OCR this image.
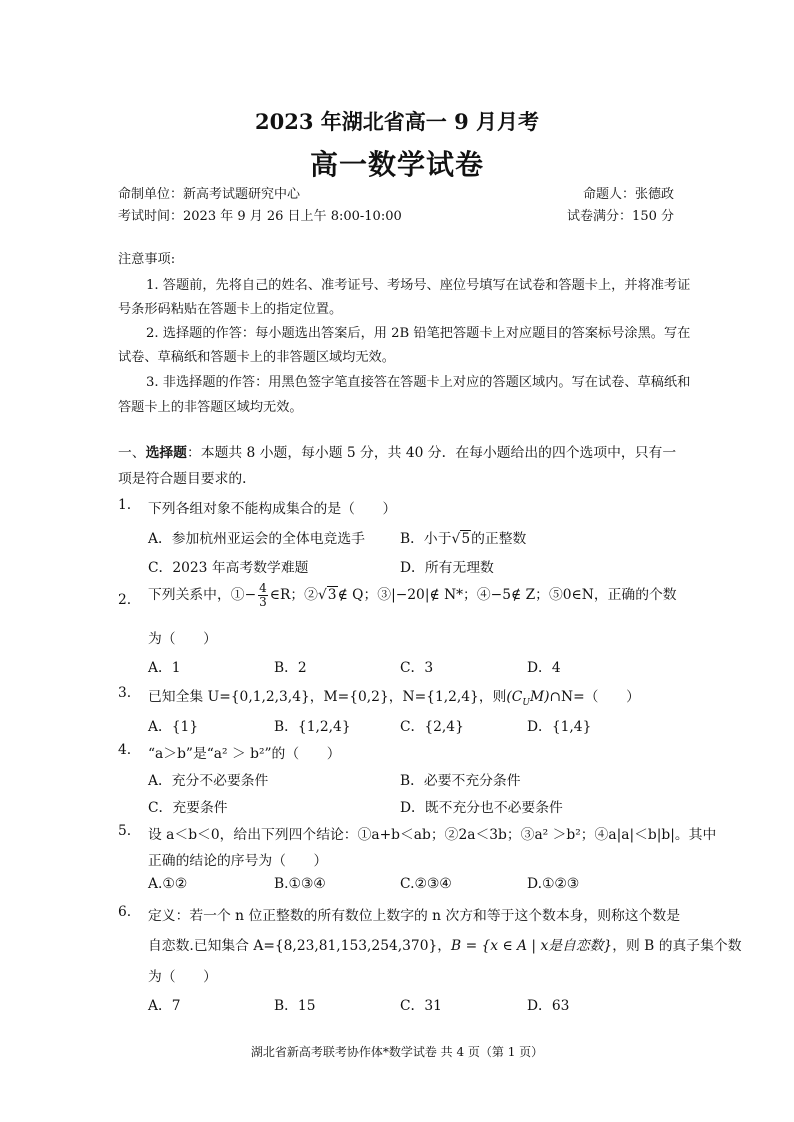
2023 年湖北省高一 9 月月考
高一数学试卷
命制单位：新高考试题研究中心	命题人：张德政
考试时间：2023 年 9 月 26 日上午 8:00-10:00	试卷满分：150 分
注意事项:
1. 答题前，先将自己的姓名、准考证号、考场号、座位号填写在试卷和答题卡上，并将准考证
号条形码粘贴在答题卡上的指定位置。
2. 选择题的作答：每小题选出答案后，用 2B 铅笔把答题卡上对应题目的答案标号涂黑。写在
试卷、草稿纸和答题卡上的非答题区域均无效。
3. 非选择题的作答：用黑色签字笔直接答在答题卡上对应的答题区域内。写在试卷、草稿纸和
答题卡上的非答题区域均无效。
一、选择题：本题共 8 小题，每小题 5 分，共 40 分．在每小题给出的四个选项中，只有一
项是符合题目要求的．
1. 下列各组对象不能构成集合的是（　　）
A．参加杭州亚运会的全体电竞选手	B．小于√5的正整数
C．2023 年高考数学难题	D．所有无理数
2. 下列关系中，①− $\frac{4}{3}$ ∈R；②√3∉ Q；③|−20|∉ N*；④−5∉ Z；⑤0∈N，正确的个数
为（　　）
A．1	B．2	C．3	D．4
3. 已知全集 U={0,1,2,3,4}，M={0,2}，N={1,2,4}，则$(C_UM)\cap N=$（　　）
A．{1}	B．{1,2,4}	C．{2,4}	D．{1,4}
4. “a＞b”是“a² ＞ b²”的（　　）
A．充分不必要条件	B．必要不充分条件
C．充要条件	D．既不充分也不必要条件
5. 设 a＜b＜0，给出下列四个结论：①a+b＜ab；②2a＜3b；③a² ＞b²；④a|a|＜b|b|。其中
正确的结论的序号为（　　）
A.①②	B.①③④	C.②③④	D.①②③
6. 定义：若一个 n 位正整数的所有数位上数字的 n 次方和等于这个数本身，则称这个数是
自恋数.已知集合 A={8,23,81,153,254,370}，B = {x ∈ A | x是自恋数}，则 B 的真子集个数
为（　　）
A．7	B．15	C．31	D．63
湖北省新高考联考协作体*数学试卷 共 4 页（第 1 页）
